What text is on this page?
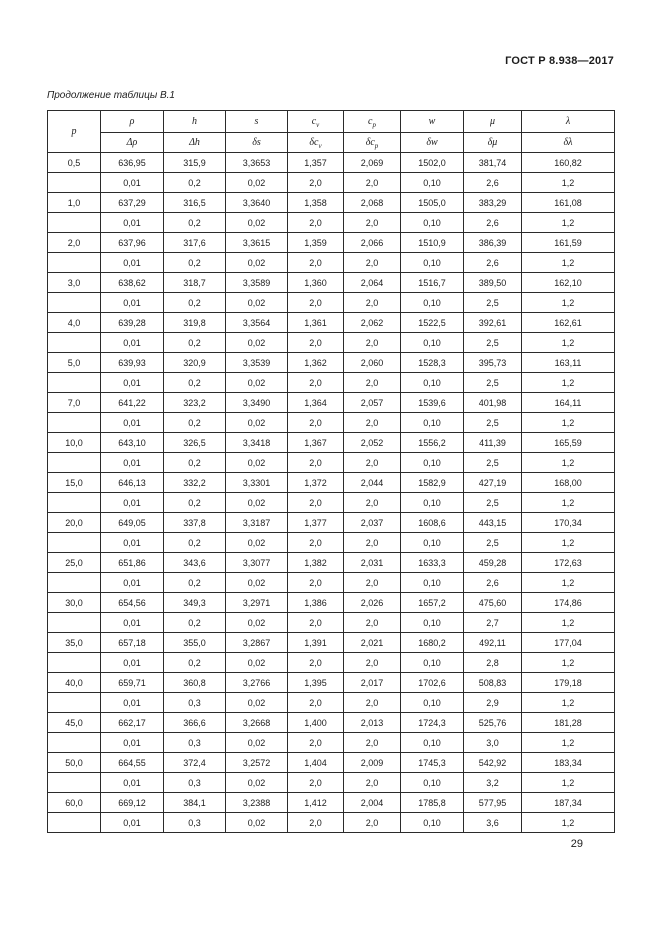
ГОСТ Р 8.938—2017
Продолжение таблицы В.1
p	ρ	h	s	$c_v$	$c_p$	w	μ	λ
	Δρ	Δh	δs	$\delta c_v$	$\delta c_p$	δw	δμ	δλ
0,5	636,95	315,9	3,3653	1,357	2,069	1502,0	381,74	160,82
	0,01	0,2	0,02	2,0	2,0	0,10	2,6	1,2
1,0	637,29	316,5	3,3640	1,358	2,068	1505,0	383,29	161,08
	0,01	0,2	0,02	2,0	2,0	0,10	2,6	1,2
2,0	637,96	317,6	3,3615	1,359	2,066	1510,9	386,39	161,59
	0,01	0,2	0,02	2,0	2,0	0,10	2,6	1,2
3,0	638,62	318,7	3,3589	1,360	2,064	1516,7	389,50	162,10
	0,01	0,2	0,02	2,0	2,0	0,10	2,5	1,2
4,0	639,28	319,8	3,3564	1,361	2,062	1522,5	392,61	162,61
	0,01	0,2	0,02	2,0	2,0	0,10	2,5	1,2
5,0	639,93	320,9	3,3539	1,362	2,060	1528,3	395,73	163,11
	0,01	0,2	0,02	2,0	2,0	0,10	2,5	1,2
7,0	641,22	323,2	3,3490	1,364	2,057	1539,6	401,98	164,11
	0,01	0,2	0,02	2,0	2,0	0,10	2,5	1,2
10,0	643,10	326,5	3,3418	1,367	2,052	1556,2	411,39	165,59
	0,01	0,2	0,02	2,0	2,0	0,10	2,5	1,2
15,0	646,13	332,2	3,3301	1,372	2,044	1582,9	427,19	168,00
	0,01	0,2	0,02	2,0	2,0	0,10	2,5	1,2
20,0	649,05	337,8	3,3187	1,377	2,037	1608,6	443,15	170,34
	0,01	0,2	0,02	2,0	2,0	0,10	2,5	1,2
25,0	651,86	343,6	3,3077	1,382	2,031	1633,3	459,28	172,63
	0,01	0,2	0,02	2,0	2,0	0,10	2,6	1,2
30,0	654,56	349,3	3,2971	1,386	2,026	1657,2	475,60	174,86
	0,01	0,2	0,02	2,0	2,0	0,10	2,7	1,2
35,0	657,18	355,0	3,2867	1,391	2,021	1680,2	492,11	177,04
	0,01	0,2	0,02	2,0	2,0	0,10	2,8	1,2
40,0	659,71	360,8	3,2766	1,395	2,017	1702,6	508,83	179,18
	0,01	0,3	0,02	2,0	2,0	0,10	2,9	1,2
45,0	662,17	366,6	3,2668	1,400	2,013	1724,3	525,76	181,28
	0,01	0,3	0,02	2,0	2,0	0,10	3,0	1,2
50,0	664,55	372,4	3,2572	1,404	2,009	1745,3	542,92	183,34
	0,01	0,3	0,02	2,0	2,0	0,10	3,2	1,2
60,0	669,12	384,1	3,2388	1,412	2,004	1785,8	577,95	187,34
	0,01	0,3	0,02	2,0	2,0	0,10	3,6	1,2
29
